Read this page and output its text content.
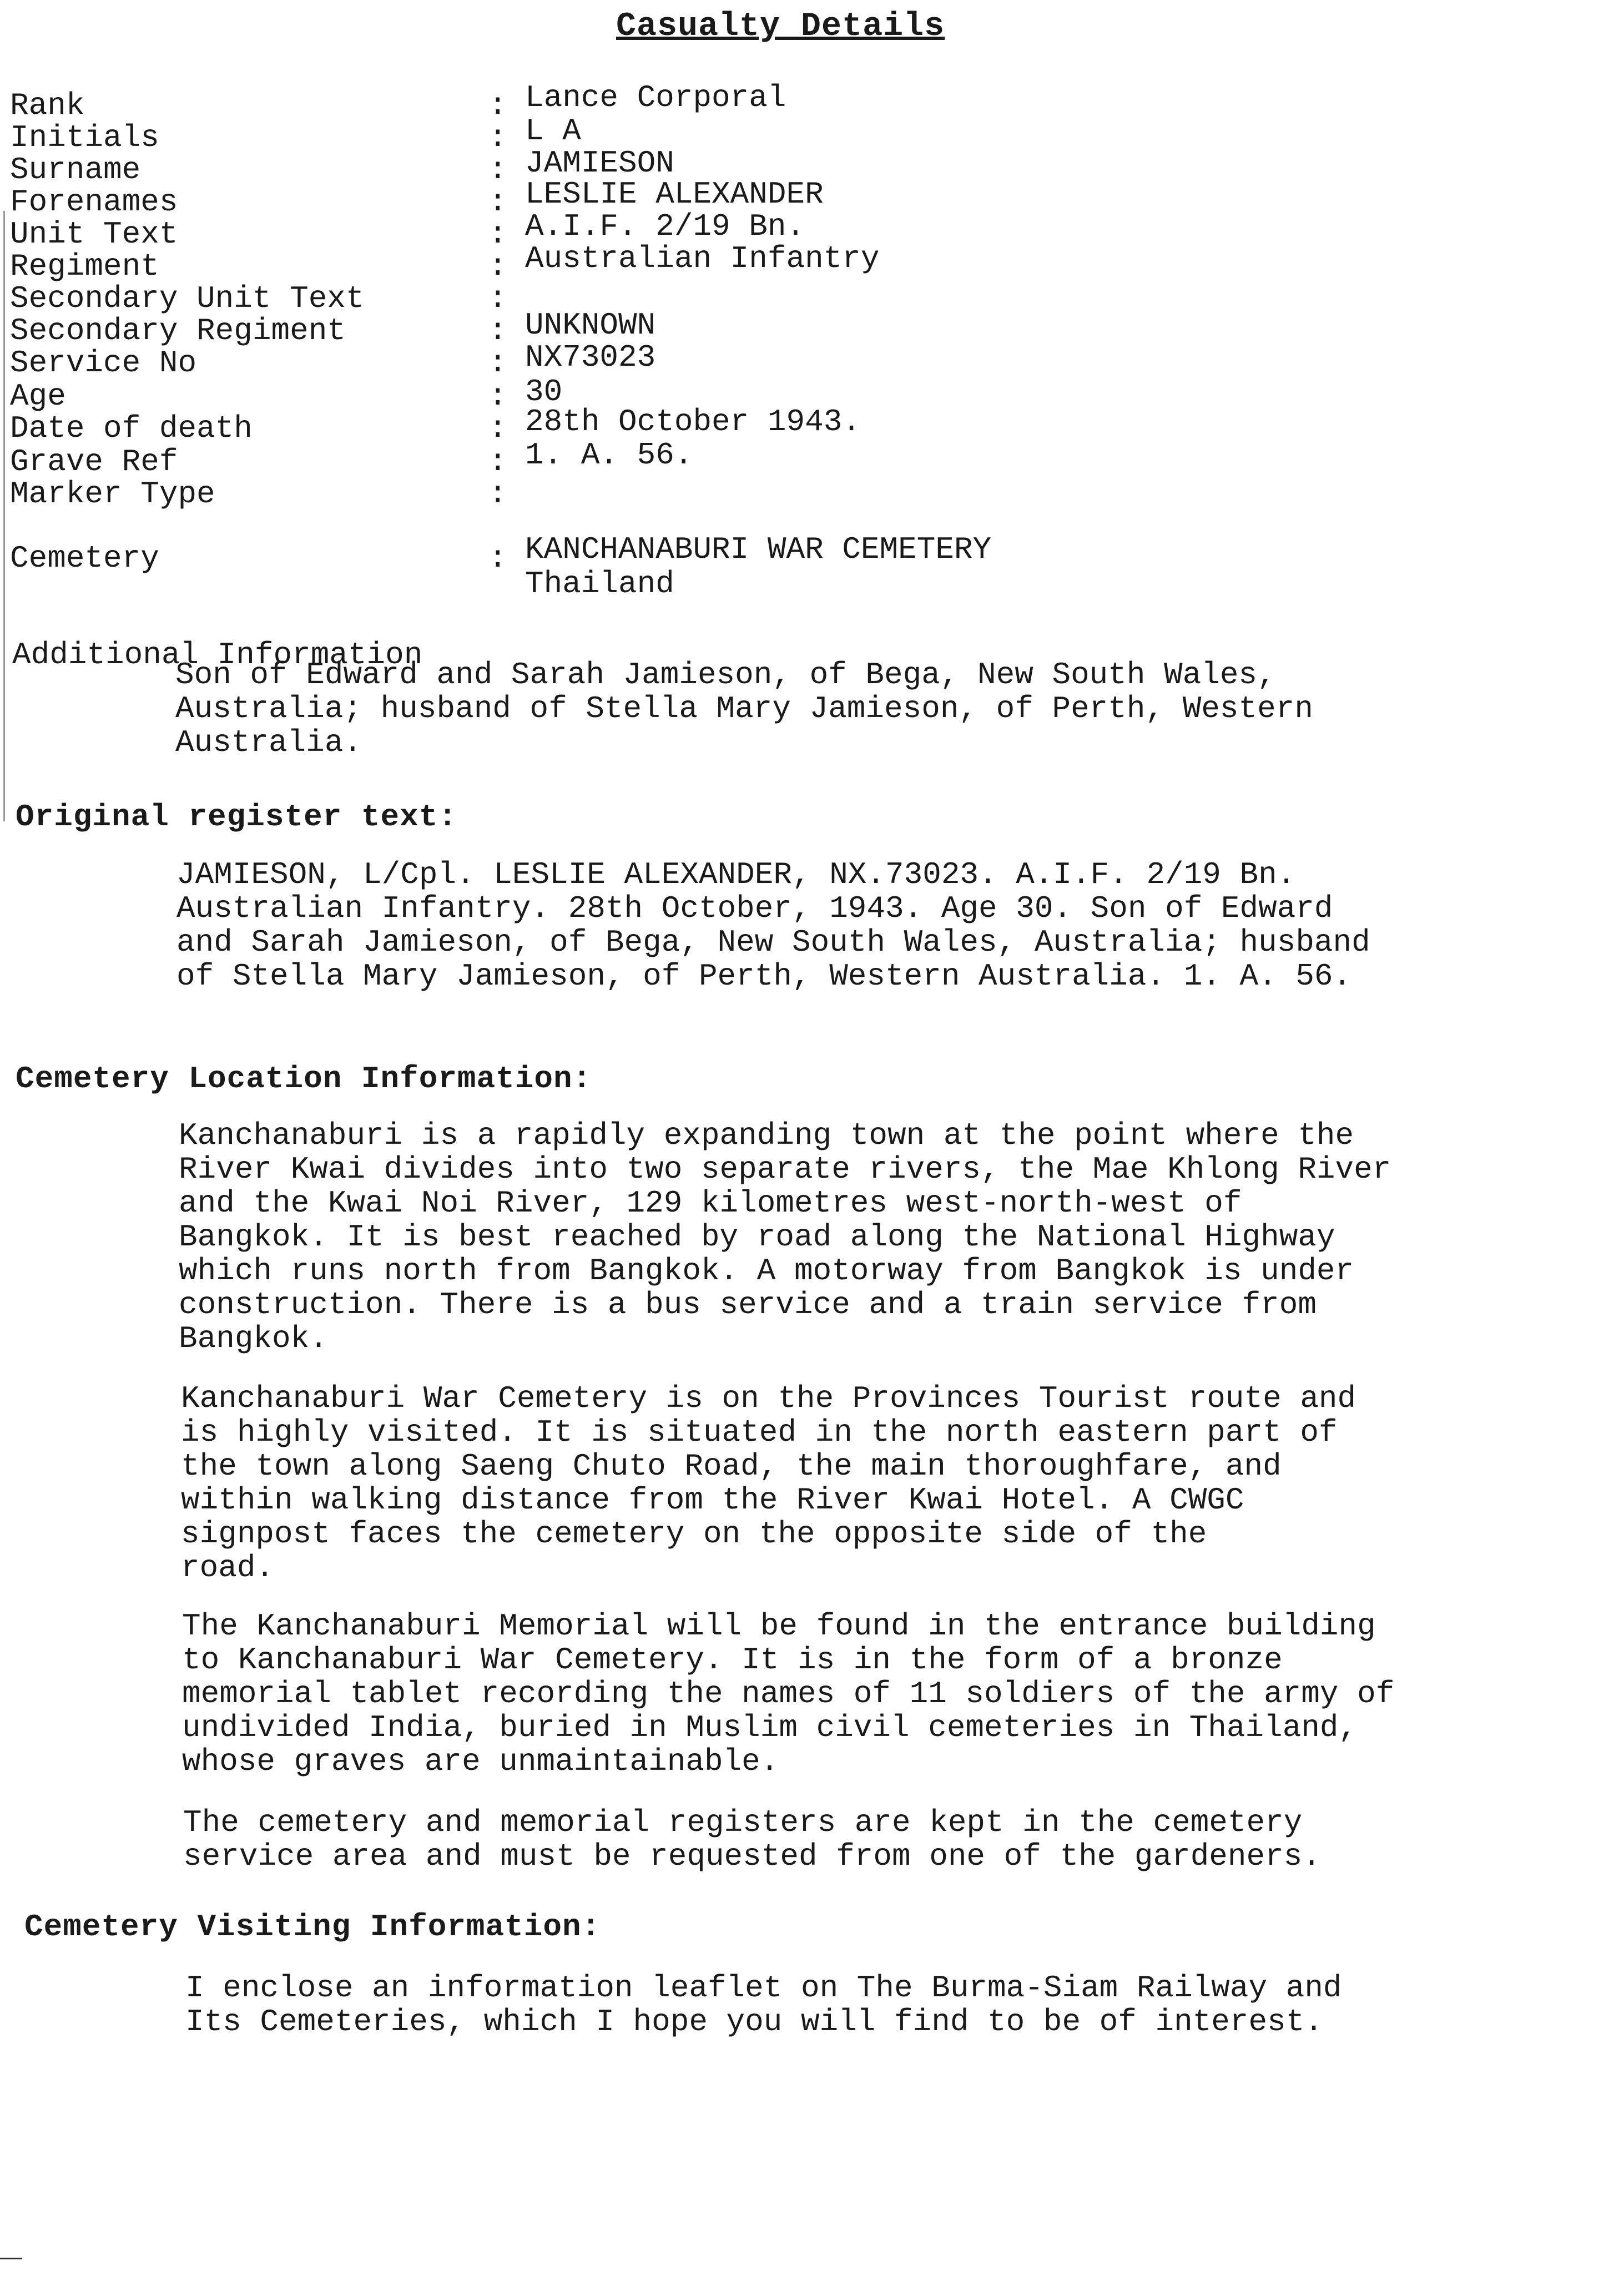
Casualty Details
Rank	: Lance Corporal
Initials	: L A
Surname	: JAMIESON
Forenames	: LESLIE ALEXANDER
Unit Text	: A.I.F. 2/19 Bn.
Regiment	: Australian Infantry
Secondary Unit Text	:
Secondary Regiment	: UNKNOWN
Service No	: NX73023
Age	: 30
Date of death	: 28th October 1943.
Grave Ref	: 1. A. 56.
Marker Type	:
Cemetery	: KANCHANABURI WAR CEMETERY
Thailand
Additional Information
Son of Edward and Sarah Jamieson, of Bega, New South Wales,
Australia; husband of Stella Mary Jamieson, of Perth, Western
Australia.
Original register text:
JAMIESON, L/Cpl. LESLIE ALEXANDER, NX.73023. A.I.F. 2/19 Bn.
Australian Infantry. 28th October, 1943. Age 30. Son of Edward
and Sarah Jamieson, of Bega, New South Wales, Australia; husband
of Stella Mary Jamieson, of Perth, Western Australia. 1. A. 56.
Cemetery Location Information:
Kanchanaburi is a rapidly expanding town at the point where the
River Kwai divides into two separate rivers, the Mae Khlong River
and the Kwai Noi River, 129 kilometres west-north-west of
Bangkok. It is best reached by road along the National Highway
which runs north from Bangkok. A motorway from Bangkok is under
construction. There is a bus service and a train service from
Bangkok.
Kanchanaburi War Cemetery is on the Provinces Tourist route and
is highly visited. It is situated in the north eastern part of
the town along Saeng Chuto Road, the main thoroughfare, and
within walking distance from the River Kwai Hotel. A CWGC
signpost faces the cemetery on the opposite side of the
road.
The Kanchanaburi Memorial will be found in the entrance building
to Kanchanaburi War Cemetery. It is in the form of a bronze
memorial tablet recording the names of 11 soldiers of the army of
undivided India, buried in Muslim civil cemeteries in Thailand,
whose graves are unmaintainable.
The cemetery and memorial registers are kept in the cemetery
service area and must be requested from one of the gardeners.
Cemetery Visiting Information:
I enclose an information leaflet on The Burma-Siam Railway and
Its Cemeteries, which I hope you will find to be of interest.
